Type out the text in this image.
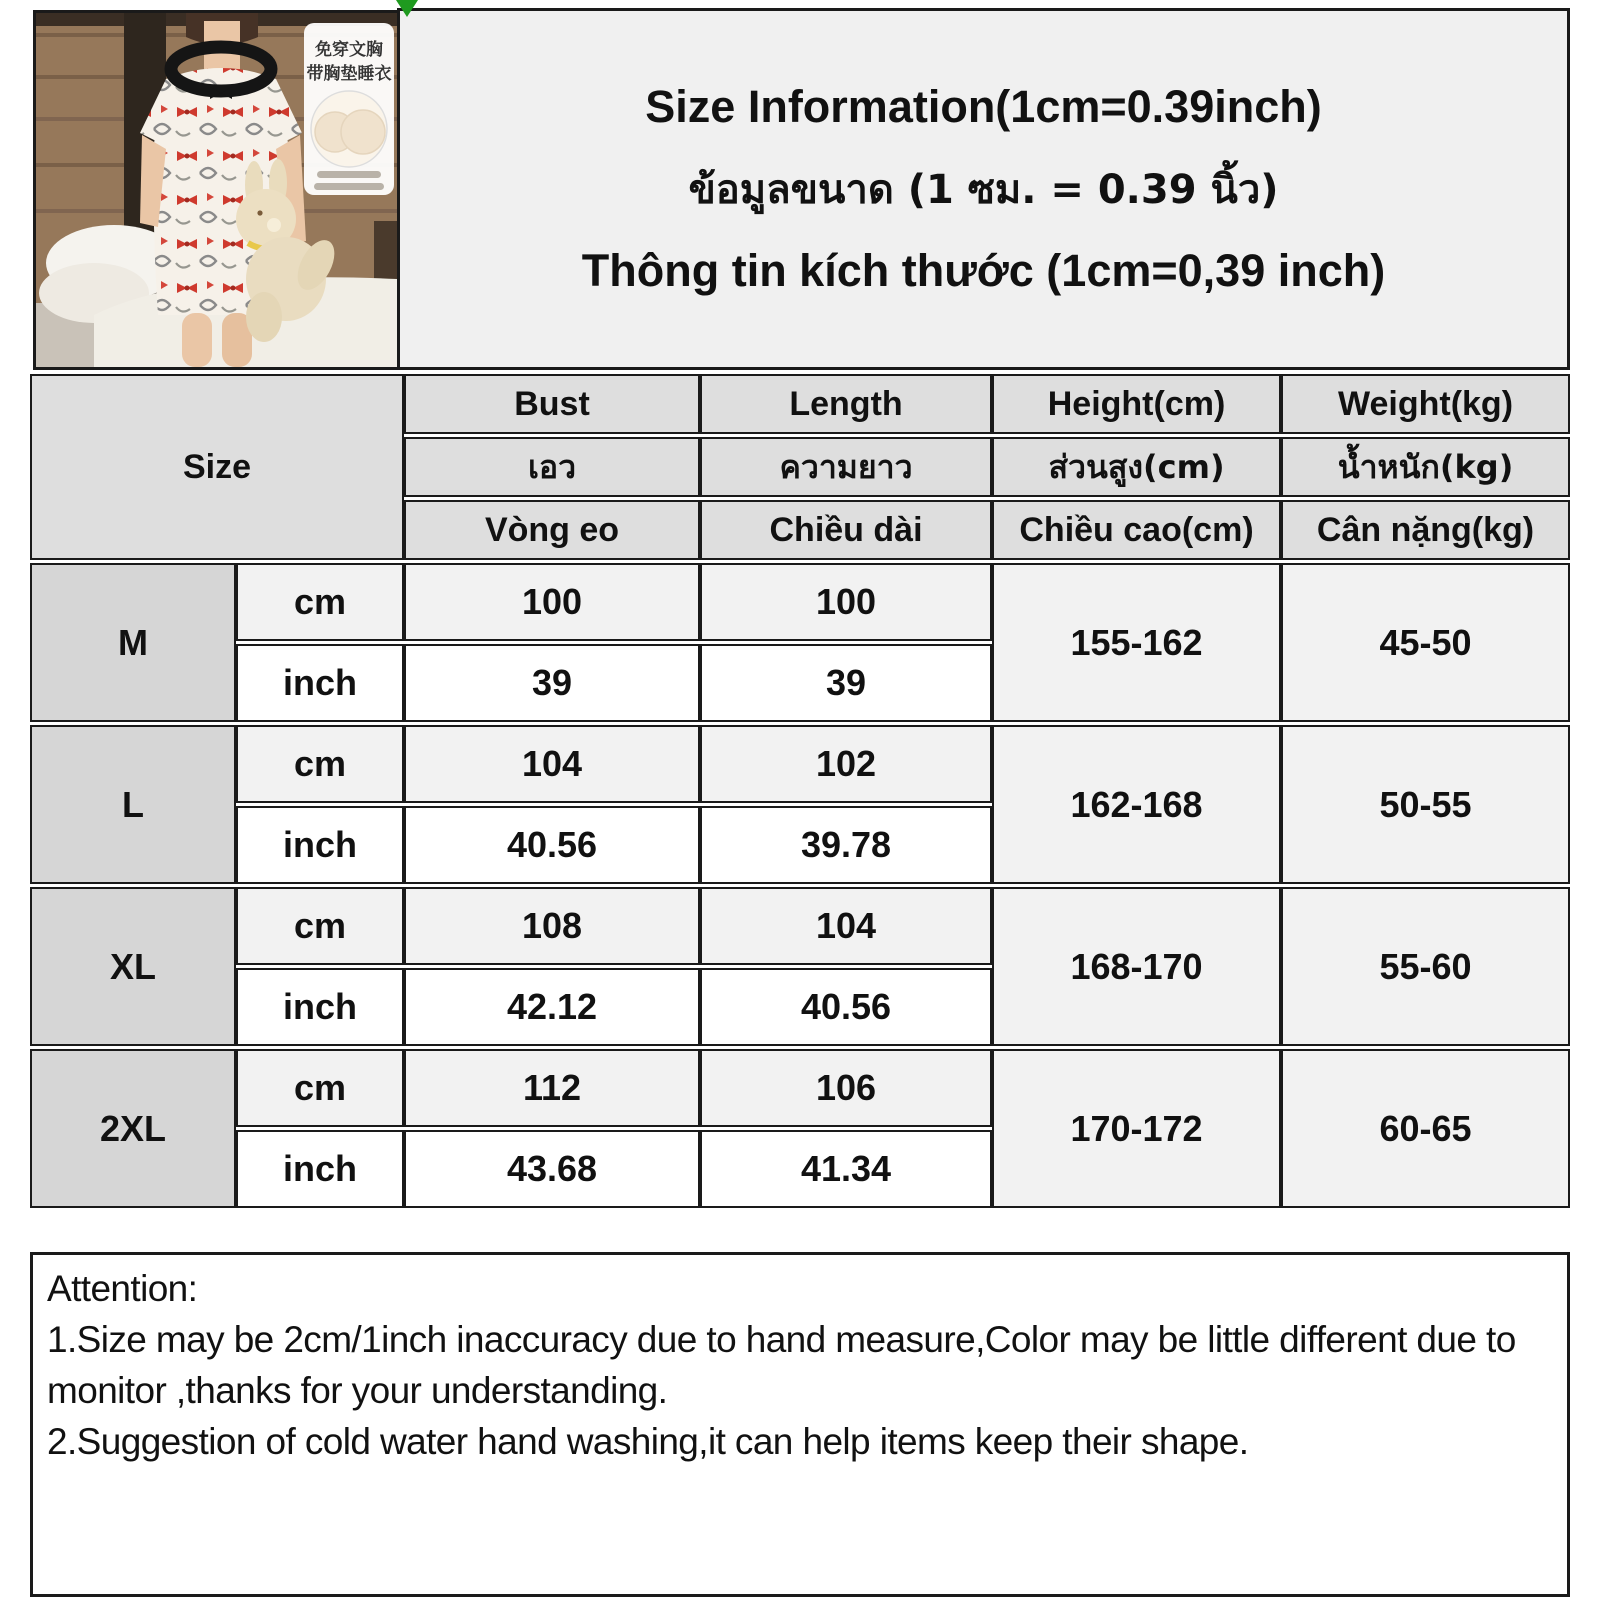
免穿文胸
带胸垫睡衣
Size Information(1cm=0.39inch)
ข้อมูลขนาด (1 ซม. = 0.39 นิ้ว)
Thông tin kích thước (1cm=0,39 inch)
Size		Bust	Length	Height(cm)	Weight(kg)
		เอว	ความยาว	ส่วนสูง(cm)	น้ำหนัก(kg)
		Vòng eo	Chiều dài	Chiều cao(cm)	Cân nặng(kg)
M	cm	100	100	155-162	45-50
	inch	39	39		
L	cm	104	102	162-168	50-55
	inch	40.56	39.78		
XL	cm	108	104	168-170	55-60
	inch	42.12	40.56		
2XL	cm	112	106	170-172	60-65
	inch	43.68	41.34		
Attention:
1.Size may be 2cm/1inch inaccuracy due to hand measure,Color may be little different due to monitor ,thanks for your understanding.
2.Suggestion of cold water hand washing,it can help items keep their shape.
